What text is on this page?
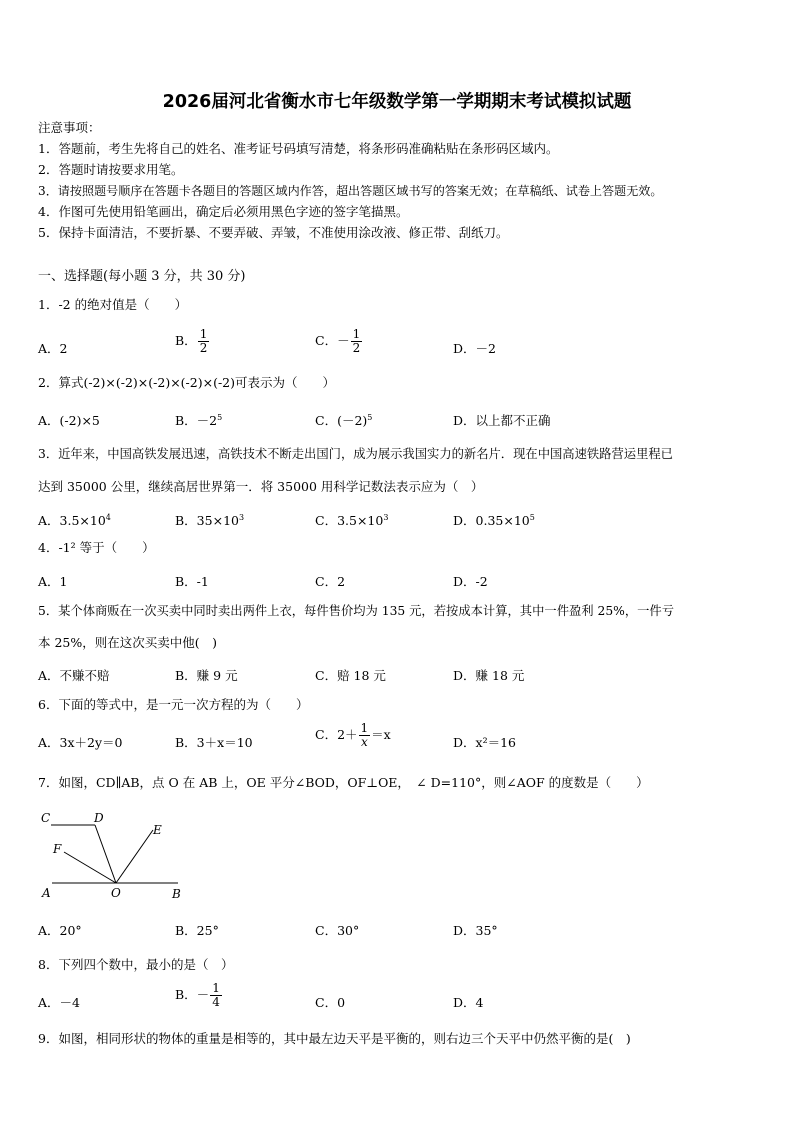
2026届河北省衡水市七年级数学第一学期期末考试模拟试题
注意事项：
1．答题前，考生先将自己的姓名、准考证号码填写清楚，将条形码准确粘贴在条形码区域内。
2．答题时请按要求用笔。
3．请按照题号顺序在答题卡各题目的答题区域内作答，超出答题区域书写的答案无效；在草稿纸、试卷上答题无效。
4．作图可先使用铅笔画出，确定后必须用黑色字迹的签字笔描黑。
5．保持卡面清洁，不要折暴、不要弄破、弄皱，不准使用涂改液、修正带、刮纸刀。
一、选择题(每小题 3 分，共 30 分)
1．-2 的绝对值是（　　）
A．2
B． $\frac{1}{2}$	C．－ $\frac{1}{2}$	D．－2
2．算式(-2)×(-2)×(-2)×(-2)×(-2)可表示为（　　）
A．(-2)×5	B．$-2^5$	C．$(-2)^5$	D．以上都不正确
3．近年来，中国高铁发展迅速，高铁技术不断走出国门，成为展示我国实力的新名片．现在中国高速铁路营运里程已
达到 35000 公里，继续高居世界第一．将 35000 用科学记数法表示应为（　）
A．$3.5\times 10^4$	B．$35\times 10^3$	C．$3.5\times 10^3$	D．$0.35\times 10^5$
4．-1² 等于（　　）
A．1	B．-1	C．2	D．-2
5．某个体商贩在一次买卖中同时卖出两件上衣，每件售价均为 135 元，若按成本计算，其中一件盈利 25%，一件亏
本 25%，则在这次买卖中他(　)
A．不赚不赔	B．赚 9 元	C．赔 18 元	D．赚 18 元
6．下面的等式中，是一元一次方程的为（　　）
A．3x＋2y＝0	B．3＋x＝10
C．$2+ \frac{1}{x} =x$
D．x²＝16
7．如图，CD∥AB，点 O 在 AB 上，OE 平分∠BOD，OF⊥OE，　∠ D=110°，则∠AOF 的度数是（　　）
C	D
E
F
A	O	B
A．20°	B．25°	C．30°	D．35°
8．下列四个数中，最小的是（　）
A．－4
B．－ $\frac{1}{4}$	C．0	D．4
9．如图，相同形状的物体的重量是相等的，其中最左边天平是平衡的，则右边三个天平中仍然平衡的是(　)
